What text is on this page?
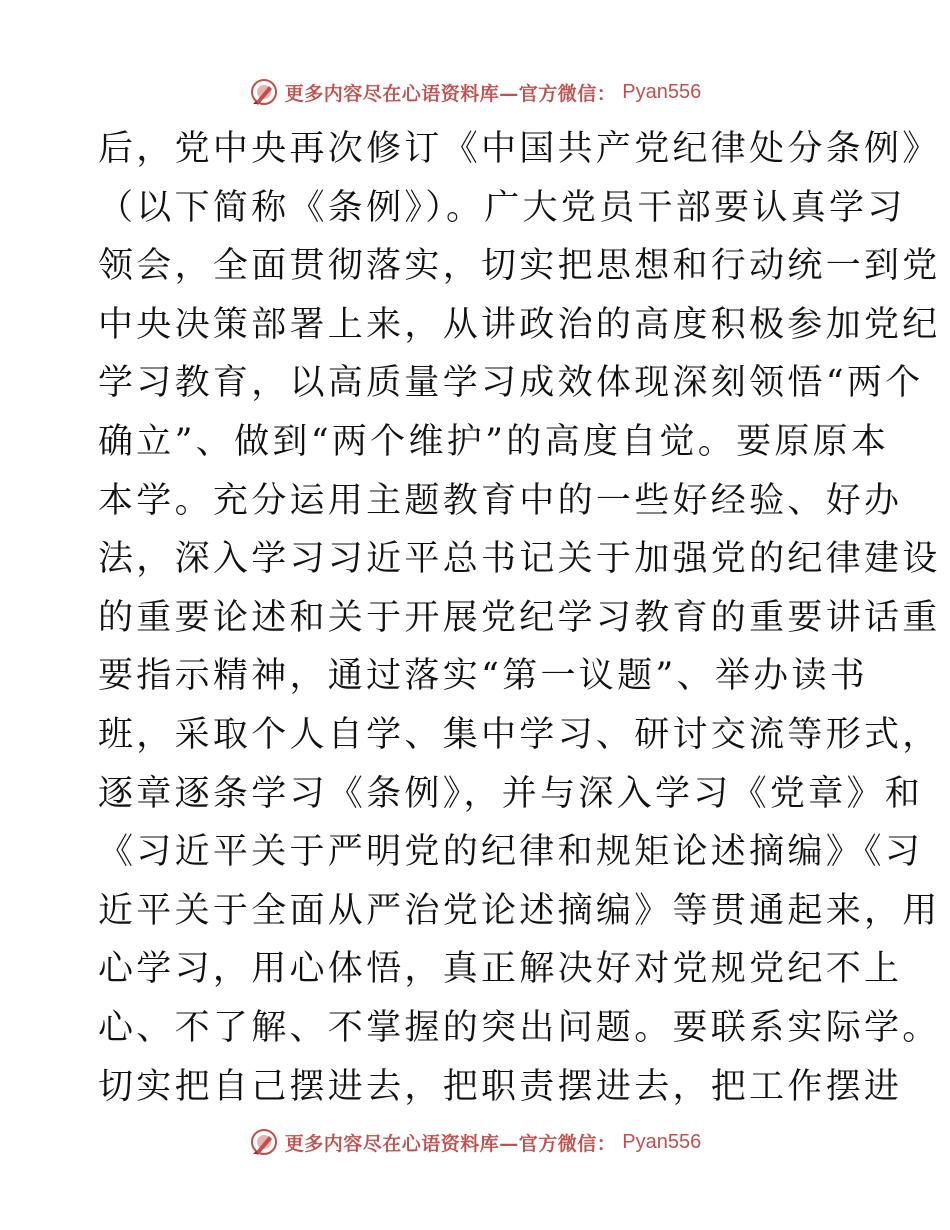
更多内容尽在心语资料库—官方微信： Pyan556
后，党中央再次修订《中国共产党纪律处分条例》
（以下简称《条例》）。广大党员干部要认真学习
领会，全面贯彻落实，切实把思想和行动统一到党
中央决策部署上来，从讲政治的高度积极参加党纪
学习教育，以高质量学习成效体现深刻领悟“两个
确立”、做到“两个维护”的高度自觉。要原原本
本学。充分运用主题教育中的一些好经验、好办
法，深入学习习近平总书记关于加强党的纪律建设
的重要论述和关于开展党纪学习教育的重要讲话重
要指示精神，通过落实“第一议题”、举办读书
班，采取个人自学、集中学习、研讨交流等形式，
逐章逐条学习《条例》，并与深入学习《党章》和
《习近平关于严明党的纪律和规矩论述摘编》《习
近平关于全面从严治党论述摘编》等贯通起来，用
心学习，用心体悟，真正解决好对党规党纪不上
心、不了解、不掌握的突出问题。要联系实际学。
切实把自己摆进去，把职责摆进去，把工作摆进
更多内容尽在心语资料库—官方微信： Pyan556
